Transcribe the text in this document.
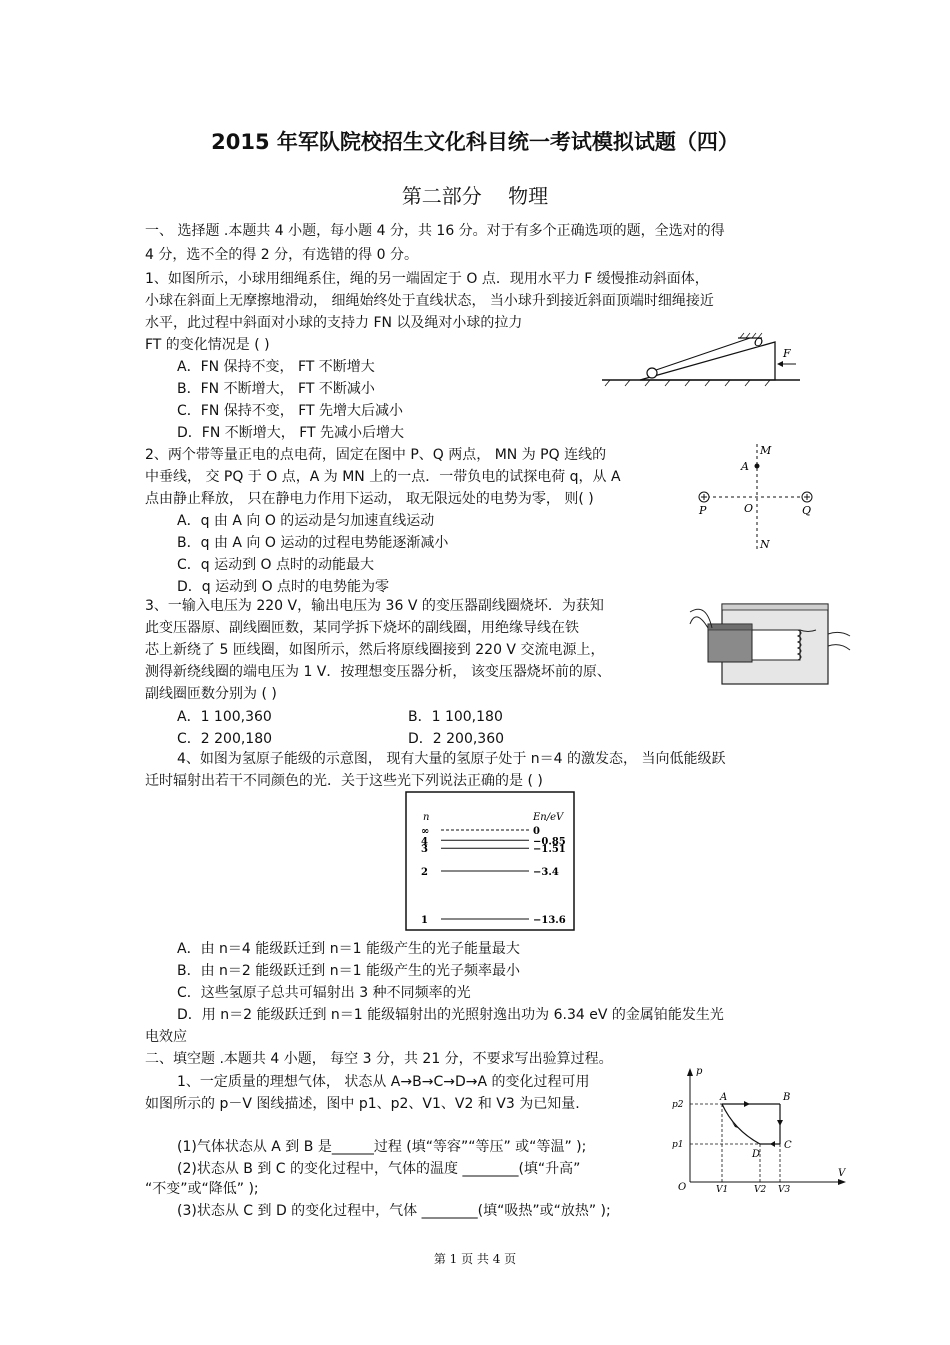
2015 年军队院校招生文化科目统一考试模拟试题（四）
第二部分　 物理
一、 选择题 .本题共 4 小题，每小题 4 分，共 16 分。对于有多个正确选项的题，全选对的得
4 分，选不全的得 2 分，有选错的得 0 分。
1、如图所示，小球用细绳系住，绳的另一端固定于 O 点．现用水平力 F 缓慢推动斜面体，
小球在斜面上无摩擦地滑动， 细绳始终处于直线状态， 当小球升到接近斜面顶端时细绳接近
水平，此过程中斜面对小球的支持力 FN 以及绳对小球的拉力
FT 的变化情况是 ( )
A．FN 保持不变， FT 不断增大
B．FN 不断增大， FT 不断减小
C．FN 保持不变， FT 先增大后减小
D．FN 不断增大， FT 先减小后增大
O
F
2、两个带等量正电的点电荷，固定在图中 P、Q 两点， MN 为 PQ 连线的
中垂线， 交 PQ 于 O 点，A 为 MN 上的一点．一带负电的试探电荷 q，从 A
点由静止释放， 只在静电力作用下运动， 取无限远处的电势为零， 则( )
A．q 由 A 向 O 的运动是匀加速直线运动
B．q 由 A 向 O 运动的过程电势能逐渐减小
C．q 运动到 O 点时的动能最大
D．q 运动到 O 点时的电势能为零
M
A
P	O	Q
N
3、一输入电压为 220 V，输出电压为 36 V 的变压器副线圈烧坏．为获知
此变压器原、副线圈匝数，某同学拆下烧坏的副线圈，用绝缘导线在铁
芯上新绕了 5 匝线圈，如图所示，然后将原线圈接到 220 V 交流电源上，
测得新绕线圈的端电压为 1 V．按理想变压器分析， 该变压器烧坏前的原、
副线圈匝数分别为 ( )
A．1 100,360	B．1 100,180
C．2 200,180	D．2 200,360
4、如图为氢原子能级的示意图， 现有大量的氢原子处于 n＝4 的激发态， 当向低能级跃
迁时辐射出若干不同颜色的光．关于这些光下列说法正确的是 ( )
n	En/eV
∞	0
4	−0.85
3	−1.51
2	−3.4
1	−13.6
A．由 n＝4 能级跃迁到 n＝1 能级产生的光子能量最大
B．由 n＝2 能级跃迁到 n＝1 能级产生的光子频率最小
C．这些氢原子总共可辐射出 3 种不同频率的光
D．用 n＝2 能级跃迁到 n＝1 能级辐射出的光照射逸出功为 6.34 eV 的金属铂能发生光
电效应
二、填空题 .本题共 4 小题， 每空 3 分，共 21 分，不要求写出验算过程。
1、一定质量的理想气体， 状态从 A→B→C→D→A 的变化过程可用
如图所示的 p－V 图线描述，图中 p1、p2、V1、V2 和 V3 为已知量.
(1)气体状态从 A 到 B 是______过程 (填“等容”“等压” 或“等温” );
(2)状态从 B 到 C 的变化过程中，气体的温度 ________(填“升高”
“不变”或“降低” );
(3)状态从 C 到 D 的变化过程中，气体 ________(填“吸热”或“放热” );
p
V
O
p2
p1
V1	V2 V3
A	B
C
D
第 1 页 共 4 页
